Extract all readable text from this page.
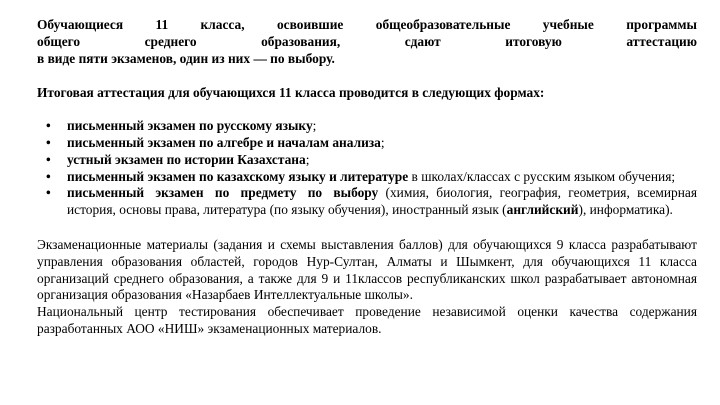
Обучающиеся 11 класса, освоившие общеобразовательные учебные программы
общего среднего образования, сдают итоговую аттестацию
в виде пяти экзаменов, один из них — по выбору.

Итоговая аттестация для обучающихся 11 класса проводится в следующих формах:

• письменный экзамен по русскому языку;
• письменный экзамен по алгебре и началам анализа;
• устный экзамен по истории Казахстана;
• письменный экзамен по казахскому языку и литературе в школах/классах с русским языком обучения;
• письменный экзамен по предмету по выбору (химия, биология, география, геометрия, всемирная история, основы права, литература (по языку обучения), иностранный язык (английский), информатика).

Экзаменационные материалы (задания и схемы выставления баллов) для обучающихся 9 класса разрабатывают управления образования областей, городов Нур-Султан, Алматы и Шымкент, для обучающихся 11 класса организаций среднего образования, а также для 9 и 11классов республиканских школ разрабатывает автономная организация образования «Назарбаев Интеллектуальные школы».

Национальный центр тестирования обеспечивает проведение независимой оценки качества содержания разработанных АОО «НИШ» экзаменационных материалов.
